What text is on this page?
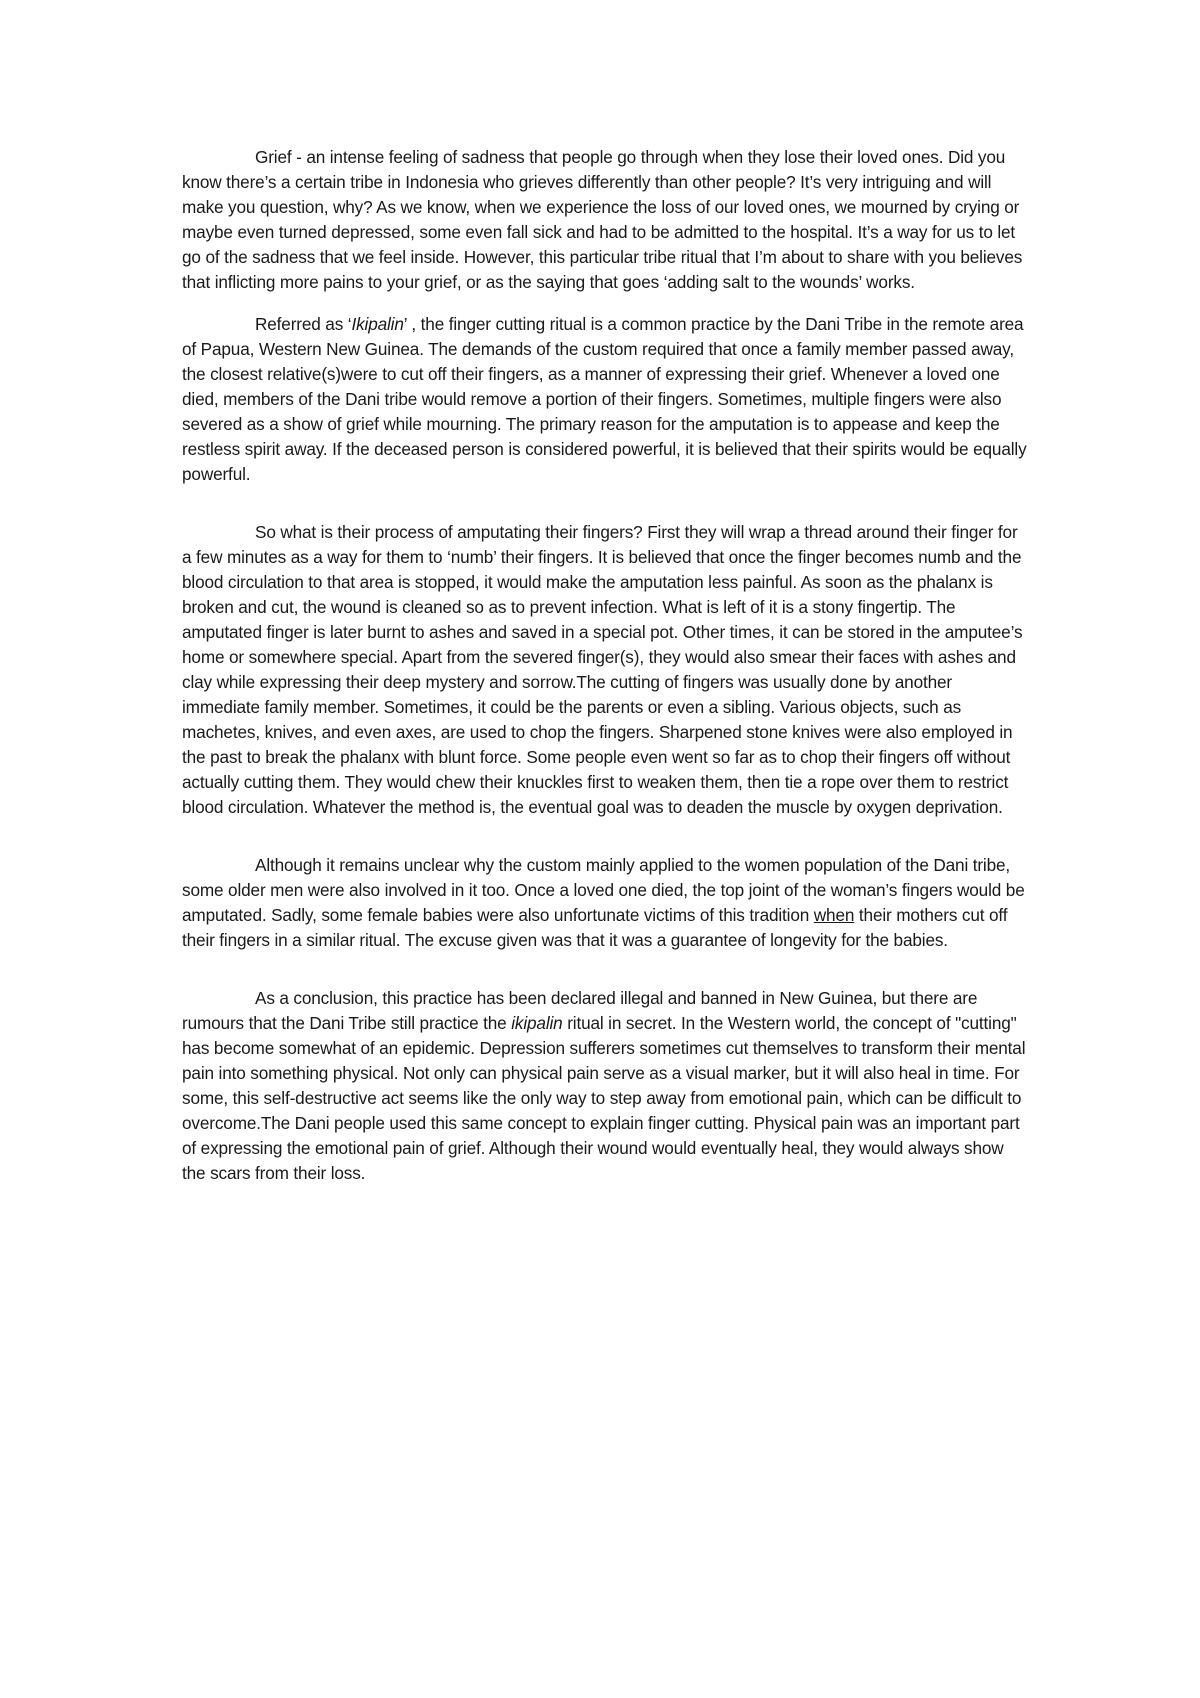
Grief - an intense feeling of sadness that people go through when they lose their loved ones. Did you know there’s a certain tribe in Indonesia who grieves differently than other people? It’s very intriguing and will make you question, why? As we know, when we experience the loss of our loved ones, we mourned by crying or maybe even turned depressed, some even fall sick and had to be admitted to the hospital. It’s a way for us to let go of the sadness that we feel inside. However, this particular tribe ritual that I’m about to share with you believes that inflicting more pains to your grief, or as the saying that goes ‘adding salt to the wounds’ works.

Referred as ‘Ikipalin’ , the finger cutting ritual is a common practice by the Dani Tribe in the remote area of Papua, Western New Guinea. The demands of the custom required that once a family member passed away, the closest relative(s)were to cut off their fingers, as a manner of expressing their grief. Whenever a loved one died, members of the Dani tribe would remove a portion of their fingers. Sometimes, multiple fingers were also severed as a show of grief while mourning. The primary reason for the amputation is to appease and keep the restless spirit away. If the deceased person is considered powerful, it is believed that their spirits would be equally powerful.

So what is their process of amputating their fingers? First they will wrap a thread around their finger for a few minutes as a way for them to ‘numb’ their fingers. It is believed that once the finger becomes numb and the blood circulation to that area is stopped, it would make the amputation less painful. As soon as the phalanx is broken and cut, the wound is cleaned so as to prevent infection. What is left of it is a stony fingertip. The amputated finger is later burnt to ashes and saved in a special pot. Other times, it can be stored in the amputee’s home or somewhere special. Apart from the severed finger(s), they would also smear their faces with ashes and clay while expressing their deep mystery and sorrow.The cutting of fingers was usually done by another immediate family member. Sometimes, it could be the parents or even a sibling. Various objects, such as machetes, knives, and even axes, are used to chop the fingers. Sharpened stone knives were also employed in the past to break the phalanx with blunt force. Some people even went so far as to chop their fingers off without actually cutting them. They would chew their knuckles first to weaken them, then tie a rope over them to restrict blood circulation. Whatever the method is, the eventual goal was to deaden the muscle by oxygen deprivation.

Although it remains unclear why the custom mainly applied to the women population of the Dani tribe, some older men were also involved in it too. Once a loved one died, the top joint of the woman’s fingers would be amputated. Sadly, some female babies were also unfortunate victims of this tradition when their mothers cut off their fingers in a similar ritual. The excuse given was that it was a guarantee of longevity for the babies.

As a conclusion, this practice has been declared illegal and banned in New Guinea, but there are rumours that the Dani Tribe still practice the ikipalin ritual in secret. In the Western world, the concept of "cutting" has become somewhat of an epidemic. Depression sufferers sometimes cut themselves to transform their mental pain into something physical. Not only can physical pain serve as a visual marker, but it will also heal in time. For some, this self-destructive act seems like the only way to step away from emotional pain, which can be difficult to overcome.The Dani people used this same concept to explain finger cutting. Physical pain was an important part of expressing the emotional pain of grief. Although their wound would eventually heal, they would always show the scars from their loss.
